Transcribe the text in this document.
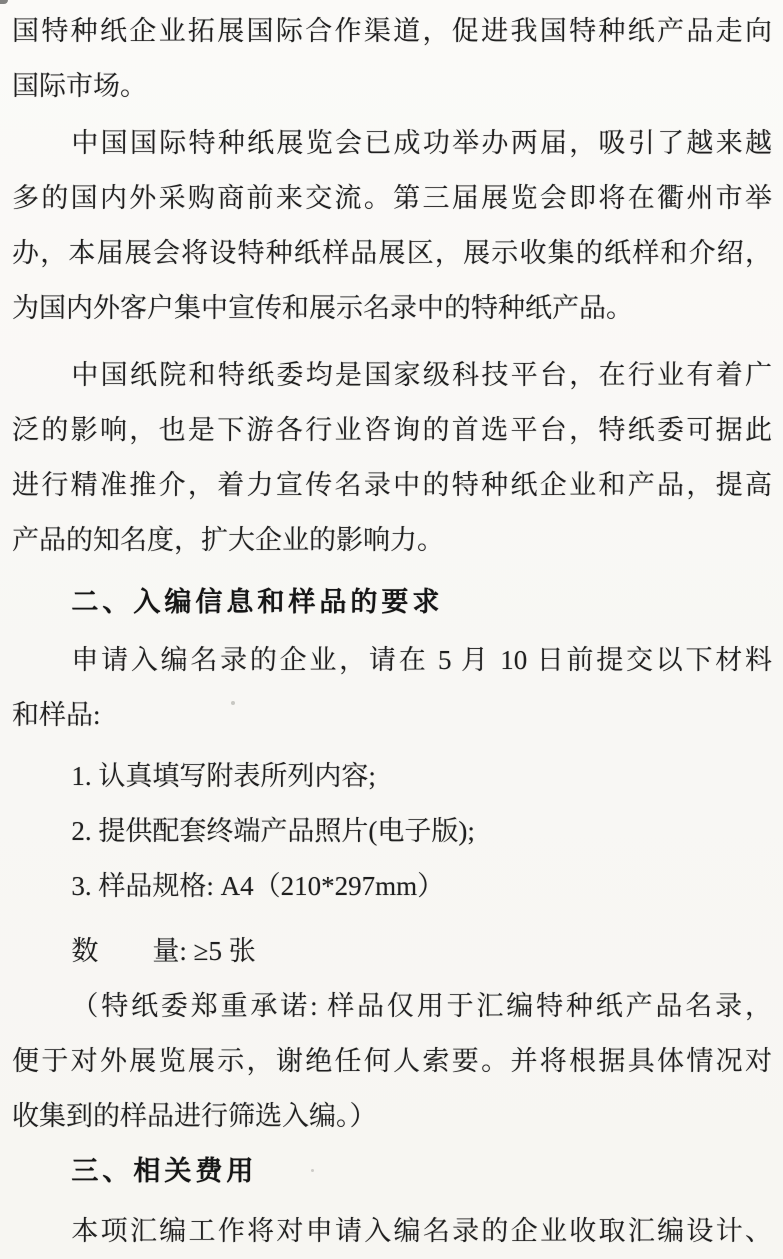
国特种纸企业拓展国际合作渠道，促进我国特种纸产品走向
国际市场。
中国国际特种纸展览会已成功举办两届，吸引了越来越
多的国内外采购商前来交流。第三届展览会即将在衢州市举
办，本届展会将设特种纸样品展区，展示收集的纸样和介绍，
为国内外客户集中宣传和展示名录中的特种纸产品。
中国纸院和特纸委均是国家级科技平台，在行业有着广
泛的影响，也是下游各行业咨询的首选平台，特纸委可据此
进行精准推介，着力宣传名录中的特种纸企业和产品，提高
产品的知名度，扩大企业的影响力。
二、入编信息和样品的要求
申请入编名录的企业，请在 5 月 10 日前提交以下材料
和样品:
1. 认真填写附表所列内容;
2. 提供配套终端产品照片(电子版);
3. 样品规格: A4（210*297mm）
数　　量: ≥5 张
（特纸委郑重承诺: 样品仅用于汇编特种纸产品名录，
便于对外展览展示，谢绝任何人索要。并将根据具体情况对
收集到的样品进行筛选入编。）
三、相关费用
本项汇编工作将对申请入编名录的企业收取汇编设计、
